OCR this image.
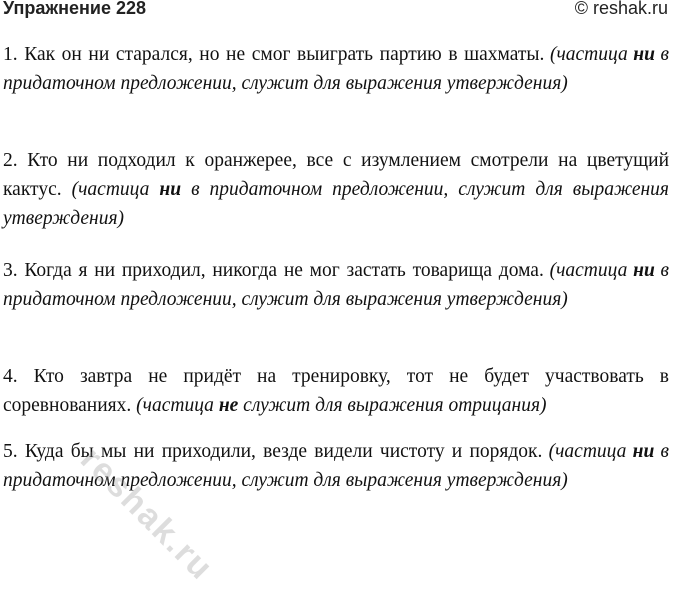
Упражнение 228	© reshak.ru
1. Как он ни старался, но не смог выиграть партию в шахматы. (частица ни в придаточном предложении, служит для выражения утверждения)
2. Кто ни подходил к оранжерее, все с изумлением смотрели на цветущий кактус. (частица ни в придаточном предложении, служит для выражения утверждения)
3. Когда я ни приходил, никогда не мог застать товарища дома. (частица ни в придаточном предложении, служит для выражения утверждения)
4. Кто завтра не придёт на тренировку, тот не будет участвовать в соревнованиях. (частица не служит для выражения отрицания)
5. Куда бы мы ни приходили, везде видели чистоту и порядок. (частица ни в придаточном предложении, служит для выражения утверждения)
reshak.ru
